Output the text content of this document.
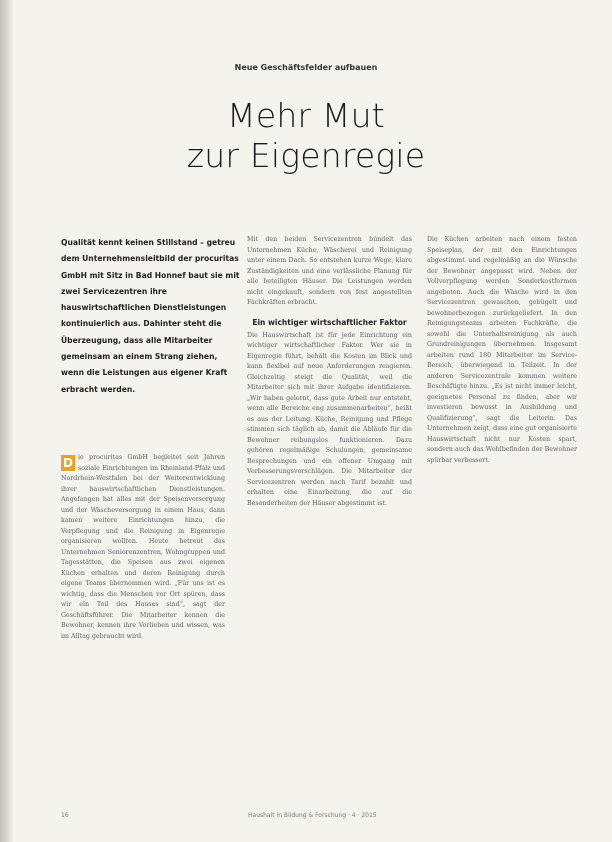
Neue Geschäftsfelder aufbauen
Mehr Mut
zur Eigenregie
Qualität kennt keinen Stillstand – getreu dem Unternehmensleitbild der procuritas GmbH mit Sitz in Bad Honnef baut sie mit zwei Servicezentren ihre hauswirtschaftlichen Dienstleistungen kontinuierlich aus. Dahinter steht die Überzeugung, dass alle Mitarbeiter gemeinsam an einem Strang ziehen, wenn die Leistungen aus eigener Kraft erbracht werden.
D ie procuritas GmbH begleitet seit Jahren soziale Einrichtungen im Rheinland-Pfalz und Nordrhein-Westfalen bei der Weiterentwicklung ihrer hauswirtschaftlichen Dienstleistungen. Angefangen hat alles mit der Speisenversorgung und der Wäscheversorgung in einem Haus, dann kamen weitere Einrichtungen hinzu, die Verpflegung und die Reinigung in Eigenregie organisieren wollten. Heute betreut das Unternehmen Seniorenzentren, Wohngruppen und Tagesstätten, die Speisen aus zwei eigenen Küchen erhalten und deren Reinigung durch eigene Teams übernommen wird. „Für uns ist es wichtig, dass die Menschen vor Ort spüren, dass wir ein Teil des Hauses sind“, sagt der Geschäftsführer. Die Mitarbeiter kennen die Bewohner, kennen ihre Vorlieben und wissen, was im Alltag gebraucht wird.

Mit den beiden Servicezentren bündelt das Unternehmen Küche, Wäscherei und Reinigung unter einem Dach. So entstehen kurze Wege, klare Zuständigkeiten und eine verlässliche Planung für alle beteiligten Häuser. Die Leistungen werden nicht eingekauft, sondern von fest angestellten Fachkräften erbracht.

Ein wichtiger wirtschaftlicher Faktor

Die Hauswirtschaft ist für jede Einrichtung ein wichtiger wirtschaftlicher Faktor. Wer sie in Eigenregie führt, behält die Kosten im Blick und kann flexibel auf neue Anforderungen reagieren. Gleichzeitig steigt die Qualität, weil die Mitarbeiter sich mit ihrer Aufgabe identifizieren. „Wir haben gelernt, dass gute Arbeit nur entsteht, wenn alle Bereiche eng zusammenarbeiten“, heißt es aus der Leitung. Küche, Reinigung und Pflege stimmen sich täglich ab, damit die Abläufe für die Bewohner reibungslos funktionieren. Dazu gehören regelmäßige Schulungen, gemeinsame Besprechungen und ein offener Umgang mit Verbesserungsvorschlägen. Die Mitarbeiter der Servicezentren werden nach Tarif bezahlt und erhalten eine Einarbeitung, die auf die Besonderheiten der Häuser abgestimmt ist.

Die Küchen arbeiten nach einem festen Speiseplan, der mit den Einrichtungen abgestimmt und regelmäßig an die Wünsche der Bewohner angepasst wird. Neben der Vollverpflegung werden Sonderkostformen angeboten. Auch die Wäsche wird in den Servicezentren gewaschen, gebügelt und bewohnerbezogen zurückgeliefert. In den Reinigungsteams arbeiten Fachkräfte, die sowohl die Unterhaltsreinigung als auch Grundreinigungen übernehmen. Insgesamt arbeiten rund 180 Mitarbeiter im Service-Bereich, überwiegend in Teilzeit. In der anderen Servicezentrale kommen weitere Beschäftigte hinzu. „Es ist nicht immer leicht, geeignetes Personal zu finden, aber wir investieren bewusst in Ausbildung und Qualifizierung“, sagt die Leiterin. Das Unternehmen zeigt, dass eine gut organisierte Hauswirtschaft nicht nur Kosten spart, sondern auch das Wohlbefinden der Bewohner spürbar verbessert.

16	Haushalt in Bildung & Forschung · 4 · 2015
